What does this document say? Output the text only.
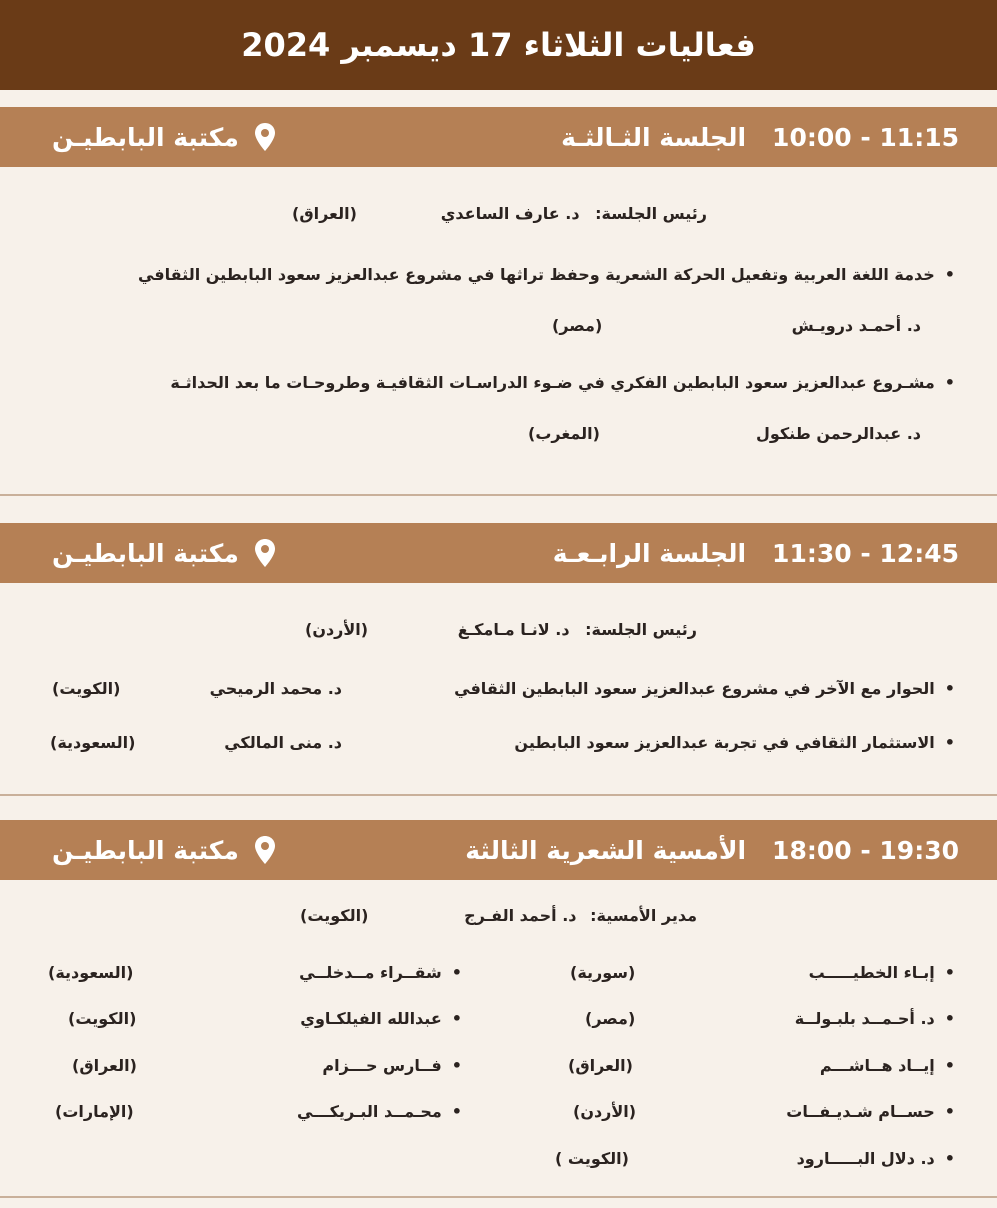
فعاليات الثلاثاء 17 ديسمبر 2024
10:00 - 11:15
الجلسة الثـالثـة
مكتبة البابطيـن
رئيس الجلسة: د. عارف الساعدي
(العراق)
•خدمة اللغة العربية وتفعيل الحركة الشعرية وحفظ تراثها في مشروع عبدالعزيز سعود البابطين الثقافي
د. أحمـد درويـش
(مصر)
•مشـروع عبدالعزيز سعود البابطين الفكري في ضـوء الدراسـات الثقافيـة وطروحـات ما بعد الحداثـة
د. عبدالرحمن طنكول
(المغرب)
11:30 - 12:45
الجلسة الرابـعـة
مكتبة البابطيـن
رئيس الجلسة: د. لانـا مـامكـغ
(الأردن)
•الحوار مع الآخر في مشروع عبدالعزيز سعود البابطين الثقافي
د. محمد الرميحي
(الكويت)
•الاستثمار الثقافي في تجربة عبدالعزيز سعود البابطين
د. منى المالكي
(السعودية)
18:00 - 19:30
الأمسية الشعرية الثالثة
مكتبة البابطيـن
مدير الأمسية: د. أحمد الفـرج
(الكويت)
•إبـاء الخطيـــــب
(سورية)
•د. أحـمــد بلبـولــة
(مصر)
•إيــاد هــاشـــم
(العراق)
•حســام شـديـفــات
(الأردن)
•د. دلال البـــــارود
(الكويت )
•شقــراء مــدخلــي
(السعودية)
•عبدالله الفيلكـاوي
(الكويت)
•فــارس حـــزام
(العراق)
•محـمــد البـريكـــي
(الإمارات)
